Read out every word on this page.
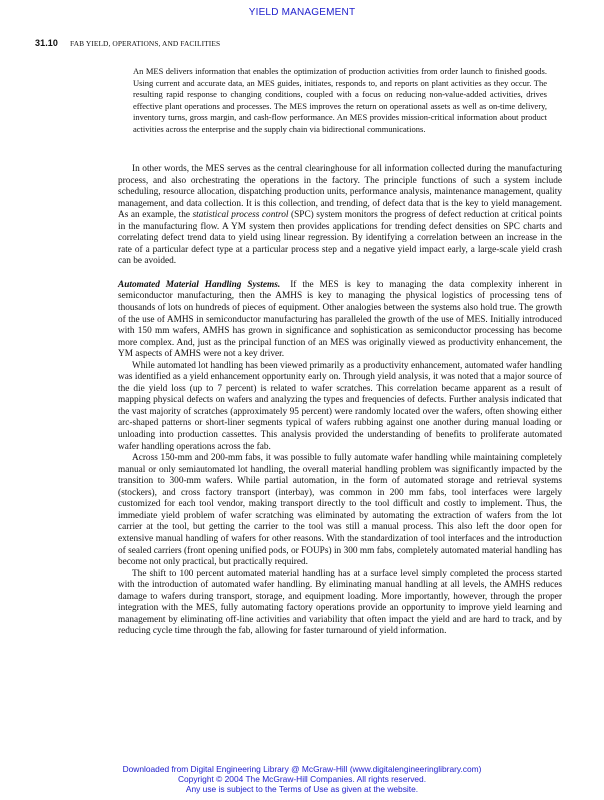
YIELD MANAGEMENT
31.10 FAB YIELD, OPERATIONS, AND FACILITIES

An MES delivers information that enables the optimization of production activities from order launch to finished goods. Using current and accurate data, an MES guides, initiates, responds to, and reports on plant activities as they occur. The resulting rapid response to changing conditions, coupled with a focus on reducing non-value-added activities, drives effective plant operations and processes. The MES improves the return on operational assets as well as on-time delivery, inventory turns, gross margin, and cash-flow performance. An MES provides mission-critical information about product activities across the enterprise and the supply chain via bidirectional communications.

In other words, the MES serves as the central clearinghouse for all information collected during the manufacturing process, and also orchestrating the operations in the factory. The principle functions of such a system include scheduling, resource allocation, dispatching production units, performance analysis, maintenance management, quality management, and data collection. It is this collection, and trending, of defect data that is the key to yield management. As an example, the statistical process control (SPC) system monitors the progress of defect reduction at critical points in the manufacturing flow. A YM system then provides applications for trending defect densities on SPC charts and correlating defect trend data to yield using linear regression. By identifying a correlation between an increase in the rate of a particular defect type at a particular process step and a negative yield impact early, a large-scale yield crash can be avoided.

Automated Material Handling Systems. If the MES is key to managing the data complexity inherent in semiconductor manufacturing, then the AMHS is key to managing the physical logistics of processing tens of thousands of lots on hundreds of pieces of equipment. Other analogies between the systems also hold true. The growth of the use of AMHS in semiconductor manufacturing has paralleled the growth of the use of MES. Initially introduced with 150 mm wafers, AMHS has grown in significance and sophistication as semiconductor processing has become more complex. And, just as the principal function of an MES was originally viewed as productivity enhancement, the YM aspects of AMHS were not a key driver.

While automated lot handling has been viewed primarily as a productivity enhancement, automated wafer handling was identified as a yield enhancement opportunity early on. Through yield analysis, it was noted that a major source of the die yield loss (up to 7 percent) is related to wafer scratches. This correlation became apparent as a result of mapping physical defects on wafers and analyzing the types and frequencies of defects. Further analysis indicated that the vast majority of scratches (approximately 95 percent) were randomly located over the wafers, often showing either arc-shaped patterns or short-liner segments typical of wafers rubbing against one another during manual loading or unloading into production cassettes. This analysis provided the understanding of benefits to proliferate automated wafer handling operations across the fab.

Across 150-mm and 200-mm fabs, it was possible to fully automate wafer handling while maintaining completely manual or only semiautomated lot handling, the overall material handling problem was significantly impacted by the transition to 300-mm wafers. While partial automation, in the form of automated storage and retrieval systems (stockers), and cross factory transport (interbay), was common in 200 mm fabs, tool interfaces were largely customized for each tool vendor, making transport directly to the tool difficult and costly to implement. Thus, the immediate yield problem of wafer scratching was eliminated by automating the extraction of wafers from the lot carrier at the tool, but getting the carrier to the tool was still a manual process. This also left the door open for extensive manual handling of wafers for other reasons. With the standardization of tool interfaces and the introduction of sealed carriers (front opening unified pods, or FOUPs) in 300 mm fabs, completely automated material handling has become not only practical, but practically required.

The shift to 100 percent automated material handling has at a surface level simply completed the process started with the introduction of automated wafer handling. By eliminating manual handling at all levels, the AMHS reduces damage to wafers during transport, storage, and equipment loading. More importantly, however, through the proper integration with the MES, fully automating factory operations provide an opportunity to improve yield learning and management by eliminating off-line activities and variability that often impact the yield and are hard to track, and by reducing cycle time through the fab, allowing for faster turnaround of yield information.

Downloaded from Digital Engineering Library @ McGraw-Hill (www.digitalengineeringlibrary.com)
Copyright © 2004 The McGraw-Hill Companies. All rights reserved.
Any use is subject to the Terms of Use as given at the website.
